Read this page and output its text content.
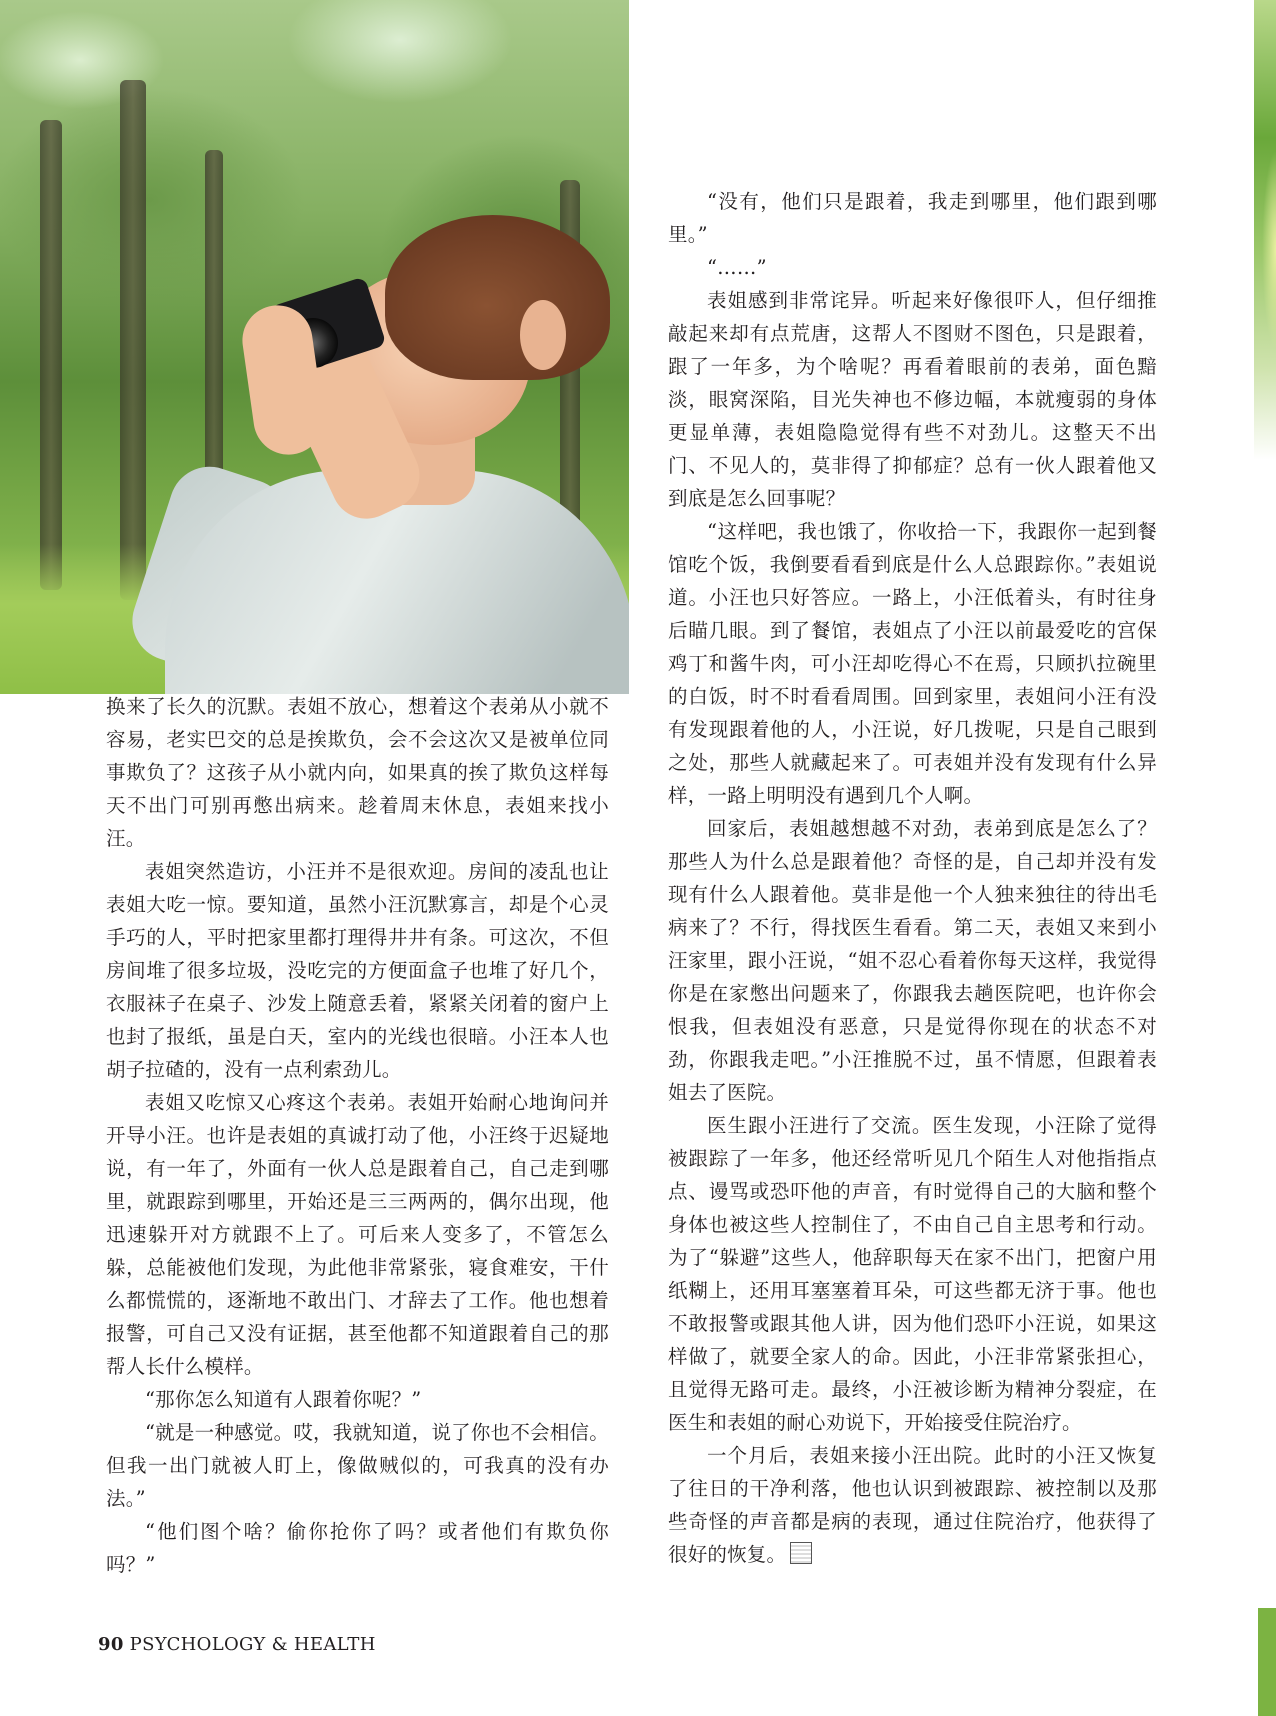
换来了长久的沉默。表姐不放心，想着这个表弟从小就不容易，老实巴交的总是挨欺负，会不会这次又是被单位同事欺负了？这孩子从小就内向，如果真的挨了欺负这样每天不出门可别再憋出病来。趁着周末休息，表姐来找小汪。

表姐突然造访，小汪并不是很欢迎。房间的凌乱也让表姐大吃一惊。要知道，虽然小汪沉默寡言，却是个心灵手巧的人，平时把家里都打理得井井有条。可这次，不但房间堆了很多垃圾，没吃完的方便面盒子也堆了好几个，衣服袜子在桌子、沙发上随意丢着，紧紧关闭着的窗户上也封了报纸，虽是白天，室内的光线也很暗。小汪本人也胡子拉碴的，没有一点利索劲儿。

表姐又吃惊又心疼这个表弟。表姐开始耐心地询问并开导小汪。也许是表姐的真诚打动了他，小汪终于迟疑地说，有一年了，外面有一伙人总是跟着自己，自己走到哪里，就跟踪到哪里，开始还是三三两两的，偶尔出现，他迅速躲开对方就跟不上了。可后来人变多了，不管怎么躲，总能被他们发现，为此他非常紧张，寝食难安，干什么都慌慌的，逐渐地不敢出门、才辞去了工作。他也想着报警，可自己又没有证据，甚至他都不知道跟着自己的那帮人长什么模样。

“那你怎么知道有人跟着你呢？”

“就是一种感觉。哎，我就知道，说了你也不会相信。但我一出门就被人盯上，像做贼似的，可我真的没有办法。”

“他们图个啥？偷你抢你了吗？或者他们有欺负你吗？”

“没有，他们只是跟着，我走到哪里，他们跟到哪里。”

“……”

表姐感到非常诧异。听起来好像很吓人，但仔细推敲起来却有点荒唐，这帮人不图财不图色，只是跟着，跟了一年多，为个啥呢？再看着眼前的表弟，面色黯淡，眼窝深陷，目光失神也不修边幅，本就瘦弱的身体更显单薄，表姐隐隐觉得有些不对劲儿。这整天不出门、不见人的，莫非得了抑郁症？总有一伙人跟着他又到底是怎么回事呢？

“这样吧，我也饿了，你收拾一下，我跟你一起到餐馆吃个饭，我倒要看看到底是什么人总跟踪你。”表姐说道。小汪也只好答应。一路上，小汪低着头，有时往身后瞄几眼。到了餐馆，表姐点了小汪以前最爱吃的宫保鸡丁和酱牛肉，可小汪却吃得心不在焉，只顾扒拉碗里的白饭，时不时看看周围。回到家里，表姐问小汪有没有发现跟着他的人，小汪说，好几拨呢，只是自己眼到之处，那些人就藏起来了。可表姐并没有发现有什么异样，一路上明明没有遇到几个人啊。

回家后，表姐越想越不对劲，表弟到底是怎么了？那些人为什么总是跟着他？奇怪的是，自己却并没有发现有什么人跟着他。莫非是他一个人独来独往的待出毛病来了？不行，得找医生看看。第二天，表姐又来到小汪家里，跟小汪说，“姐不忍心看着你每天这样，我觉得你是在家憋出问题来了，你跟我去趟医院吧，也许你会恨我，但表姐没有恶意，只是觉得你现在的状态不对劲，你跟我走吧。”小汪推脱不过，虽不情愿，但跟着表姐去了医院。

医生跟小汪进行了交流。医生发现，小汪除了觉得被跟踪了一年多，他还经常听见几个陌生人对他指指点点、谩骂或恐吓他的声音，有时觉得自己的大脑和整个身体也被这些人控制住了，不由自己自主思考和行动。为了“躲避”这些人，他辞职每天在家不出门，把窗户用纸糊上，还用耳塞塞着耳朵，可这些都无济于事。他也不敢报警或跟其他人讲，因为他们恐吓小汪说，如果这样做了，就要全家人的命。因此，小汪非常紧张担心，且觉得无路可走。最终，小汪被诊断为精神分裂症，在医生和表姐的耐心劝说下，开始接受住院治疗。

一个月后，表姐来接小汪出院。此时的小汪又恢复了往日的干净利落，他也认识到被跟踪、被控制以及那些奇怪的声音都是病的表现，通过住院治疗，他获得了很好的恢复。

90 PSYCHOLOGY & HEALTH
